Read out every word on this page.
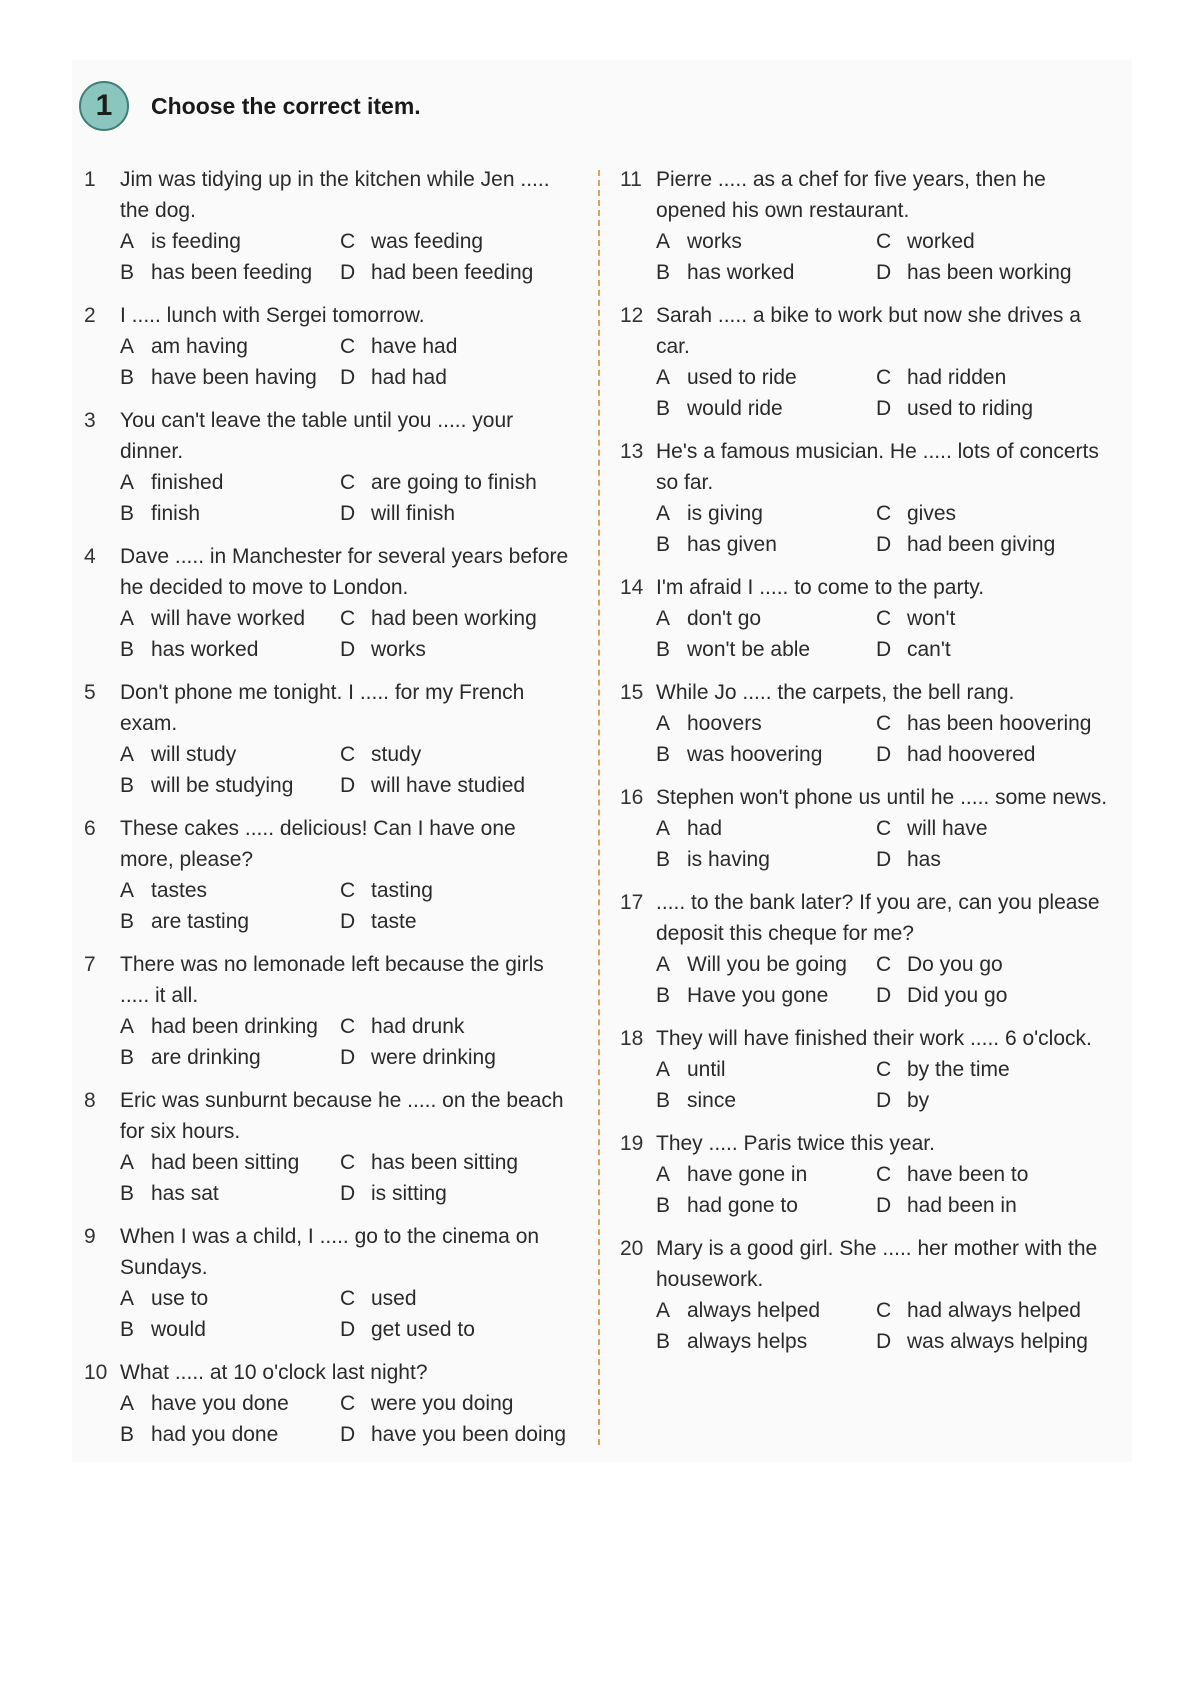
1	Choose the correct item.
1	Jim was tidying up in the kitchen while Jen ..... the dog.
A is feeding	C was feeding
B has been feeding	D had been feeding
2	I ..... lunch with Sergei tomorrow.
A am having	C have had
B have been having	D had had
3	You can't leave the table until you ..... your dinner.
A finished	C are going to finish
B finish	D will finish
4	Dave ..... in Manchester for several years before he decided to move to London.
A will have worked	C had been working
B has worked	D works
5	Don't phone me tonight. I ..... for my French exam.
A will study	C study
B will be studying	D will have studied
6	These cakes ..... delicious! Can I have one more, please?
A tastes	C tasting
B are tasting	D taste
7	There was no lemonade left because the girls ..... it all.
A had been drinking	C had drunk
B are drinking	D were drinking
8	Eric was sunburnt because he ..... on the beach for six hours.
A had been sitting	C has been sitting
B has sat	D is sitting
9	When I was a child, I ..... go to the cinema on Sundays.
A use to	C used
B would	D get used to
10 What ..... at 10 o'clock last night?
A have you done	C were you doing
B had you done	D have you been doing
11 Pierre ..... as a chef for five years, then he opened his own restaurant.
A works	C worked
B has worked	D has been working
12 Sarah ..... a bike to work but now she drives a car.
A used to ride	C had ridden
B would ride	D used to riding
13 He's a famous musician. He ..... lots of concerts so far.
A is giving	C gives
B has given	D had been giving
14 I'm afraid I ..... to come to the party.
A don't go	C won't
B won't be able	D can't
15 While Jo ..... the carpets, the bell rang.
A hoovers	C has been hoovering
B was hoovering	D had hoovered
16 Stephen won't phone us until he ..... some news.
A had	C will have
B is having	D has
17 ..... to the bank later? If you are, can you please deposit this cheque for me?
A Will you be going	C Do you go
B Have you gone	D Did you go
18 They will have finished their work ..... 6 o'clock.
A until	C by the time
B since	D by
19 They ..... Paris twice this year.
A have gone in	C have been to
B had gone to	D had been in
20 Mary is a good girl. She ..... her mother with the housework.
A always helped	C had always helped
B always helps	D was always helping
